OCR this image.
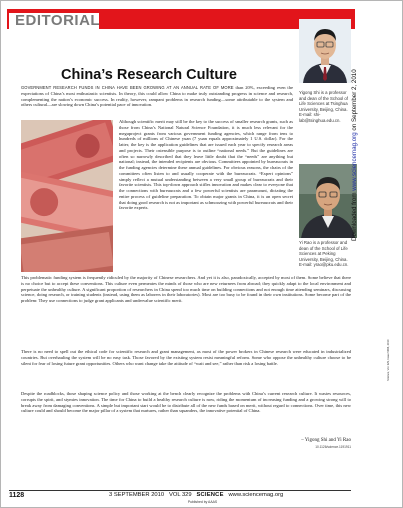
EDITORIAL
Yigong Shi is a professor and dean of the School of Life Sciences at Tsinghua University, Beijing, China. E-mail: shi-lab@tsinghua.edu.cn.
Yi Rao is a professor and dean of the School of Life Sciences at Peking University, Beijing, China. E-mail: yrao@pku.edu.cn.
China’s Research Culture
GOVERNMENT RESEARCH FUNDS IN CHINA HAVE BEEN GROWING AT AN ANNUAL RATE OF MORE than 20%, exceeding even the expectations of China’s most enthusiastic scientists. In theory, this could allow China to make truly outstanding progress in science and research, complementing the nation’s economic success. In reality, however, rampant problems in research funding—some attributable to the system and others cultural—are slowing down China’s potential pace of innovation.
Although scientific merit may still be the key to the success of smaller research grants, such as those from China’s National Natural Science Foundation, it is much less relevant for the megaproject grants from various government funding agencies, which range from tens to hundreds of millions of Chinese yuan (7 yuan equals approximately 1 U.S. dollar). For the latter, the key is the application guidelines that are issued each year to specify research areas and projects. Their ostensible purpose is to outline “national needs.” But the guidelines are often so narrowly described that they leave little doubt that the “needs” are anything but national; instead, the intended recipients are obvious. Committees appointed by bureaucrats in the funding agencies determine these annual guidelines. For obvious reasons, the chairs of the committees often listen to and usually cooperate with the bureaucrats. “Expert opinions” simply reflect a mutual understanding between a very small group of bureaucrats and their favorite scientists. This top-down approach stifles innovation and makes clear to everyone that the connections with bureaucrats and a few powerful scientists are paramount, dictating the entire process of guideline preparation. To obtain major grants in China, it is an open secret that doing good research is not as important as schmoozing with powerful bureaucrats and their favorite experts.
This problematic funding system is frequently ridiculed by the majority of Chinese researchers. And yet it is also, paradoxically, accepted by most of them. Some believe that there is no choice but to accept these conventions. This culture even permeates the minds of those who are new returnees from abroad; they quickly adapt to the local environment and perpetuate the unhealthy culture. A significant proportion of researchers in China spend too much time on building connections and not enough time attending seminars, discussing science, doing research, or training students (instead, using them as laborers in their laboratories). Most are too busy to be found in their own institutions. Some become part of the problem: They use connections to judge grant applicants and undervalue scientific merit.
There is no need to spell out the ethical code for scientific research and grant management, as most of the power brokers in Chinese research were educated in industrialized countries. But overhauling the system will be no easy task. Those favored by the existing system resist meaningful reform. Some who oppose the unhealthy culture choose to be silent for fear of losing future grant opportunities. Others who want change take the attitude of “wait and see,” rather than risk a losing battle.
Despite the roadblocks, those shaping science policy and those working at the bench clearly recognize the problems with China’s current research culture. It wastes resources, corrupts the spirit, and stymies innovation. The time for China to build a healthy research culture is now, riding the momentum of increasing funding and a growing strong will to break away from damaging conventions. A simple but important start would be to distribute all of the new funds based on merit, without regard to connections. Over time, this new culture could and should become the major pillar of a system that nurtures, rather than squanders, the innovative potential of China.
– Yigong Shi and Yi Rao
10.1126/science.1191911
Downloaded from www.sciencemag.org on September 2, 2010
Science, Vol. 329, Issue 5996, 2010
1128	3 SEPTEMBER 2010 VOL 329 SCIENCE www.sciencemag.org
Published by AAAS
